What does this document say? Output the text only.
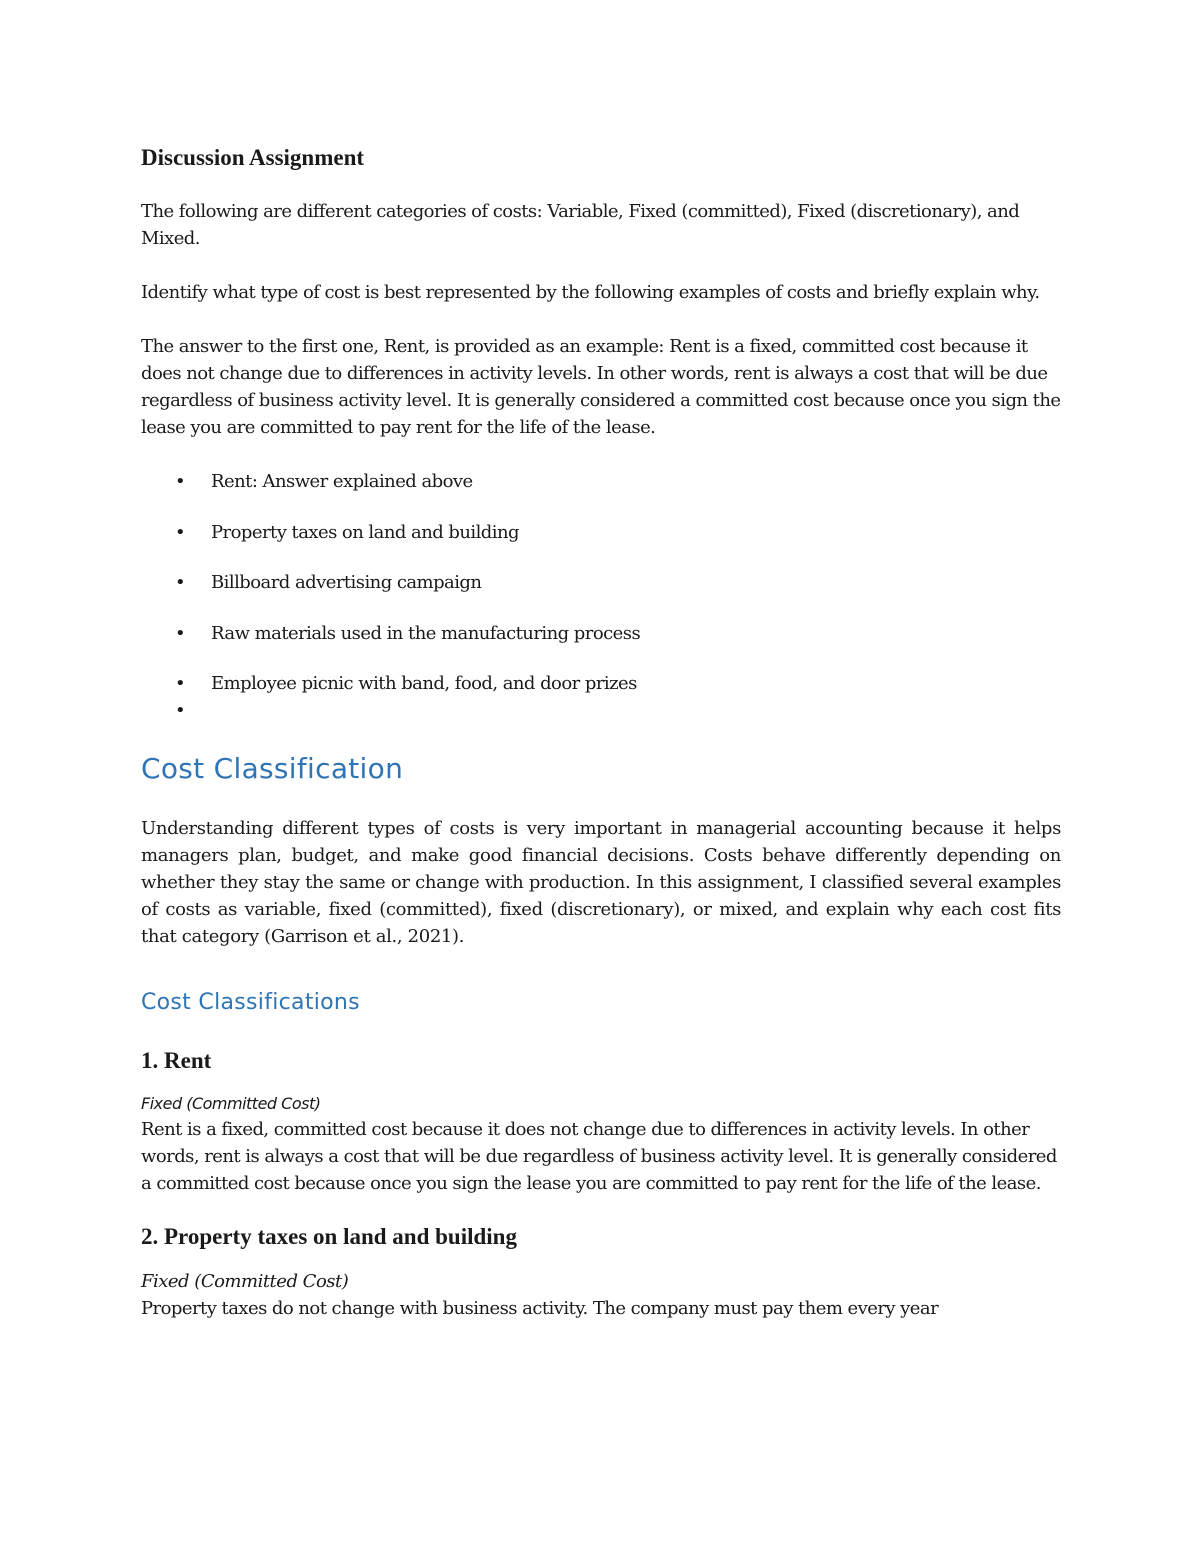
Discussion Assignment

The following are different categories of costs: Variable, Fixed (committed), Fixed (discretionary), and Mixed.

Identify what type of cost is best represented by the following examples of costs and briefly explain why.

The answer to the first one, Rent, is provided as an example: Rent is a fixed, committed cost because it does not change due to differences in activity levels. In other words, rent is always a cost that will be due regardless of business activity level. It is generally considered a committed cost because once you sign the lease you are committed to pay rent for the life of the lease.

• Rent: Answer explained above
• Property taxes on land and building
• Billboard advertising campaign
• Raw materials used in the manufacturing process
• Employee picnic with band, food, and door prizes
•
Cost Classification

Understanding different types of costs is very important in managerial accounting because it helps managers plan, budget, and make good financial decisions. Costs behave differently depending on whether they stay the same or change with production. In this assignment, I classified several examples of costs as variable, fixed (committed), fixed (discretionary), or mixed, and explain why each cost fits that category (Garrison et al., 2021).

Cost Classifications
1. Rent
Fixed (Committed Cost)

Rent is a fixed, committed cost because it does not change due to differences in activity levels. In other words, rent is always a cost that will be due regardless of business activity level. It is generally considered a committed cost because once you sign the lease you are committed to pay rent for the life of the lease.

2. Property taxes on land and building
Fixed (Committed Cost)

Property taxes do not change with business activity. The company must pay them every year
